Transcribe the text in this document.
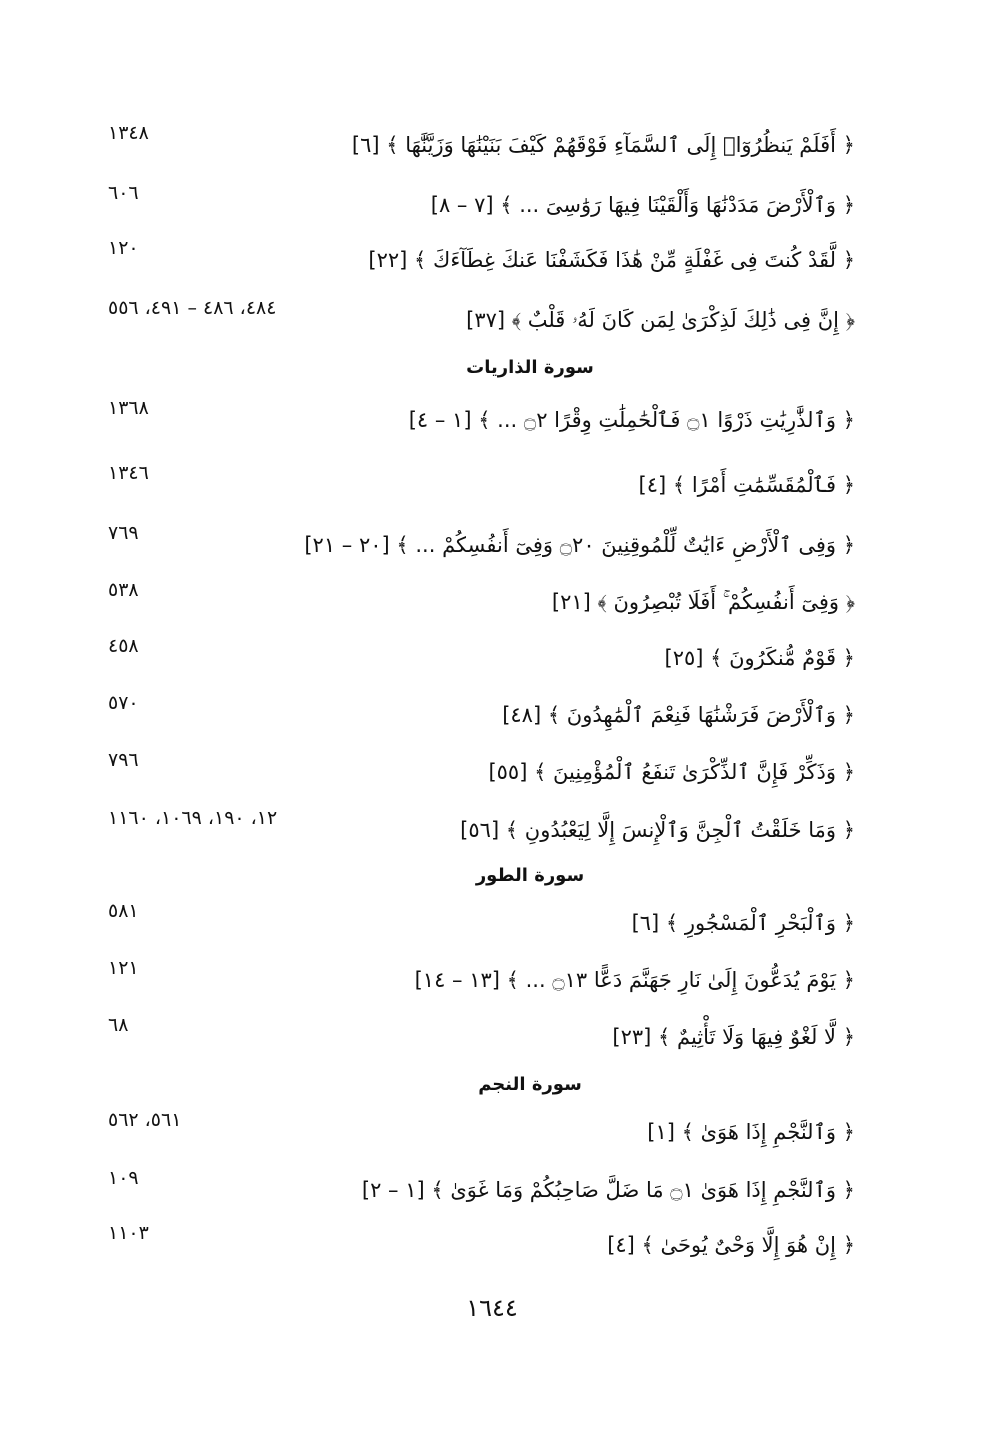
﴿ أَفَلَمْ يَنظُرُوٓا۟ إِلَى ٱلسَّمَآءِ فَوْقَهُمْ كَيْفَ بَنَيْنَٰهَا وَزَيَّنَّٰهَا ﴾ [٦]
١٣٤٨
﴿ وَٱلْأَرْضَ مَدَدْنَٰهَا وَأَلْقَيْنَا فِيهَا رَوَٰسِىَ ... ﴾ [٧ – ٨]
٦٠٦
﴿ لَّقَدْ كُنتَ فِى غَفْلَةٍ مِّنْ هَٰذَا فَكَشَفْنَا عَنكَ غِطَآءَكَ ﴾ [٢٢]
١٢٠
﴿ إِنَّ فِى ذَٰلِكَ لَذِكْرَىٰ لِمَن كَانَ لَهُۥ قَلْبٌ ﴾ [٣٧]
٤٨٤، ٤٨٦ – ٤٩١، ٥٥٦
سورة الذاريات
﴿ وَٱلذَّٰرِيَٰتِ ذَرْوًا ۝١ فَٱلْحَٰمِلَٰتِ وِقْرًا ۝٢ ... ﴾ [١ – ٤]
١٣٦٨
﴿ فَٱلْمُقَسِّمَٰتِ أَمْرًا ﴾ [٤]
١٣٤٦
﴿ وَفِى ٱلْأَرْضِ ءَايَٰتٌ لِّلْمُوقِنِينَ ۝٢٠ وَفِىٓ أَنفُسِكُمْ ... ﴾ [٢٠ – ٢١]
٧٦٩
﴿ وَفِىٓ أَنفُسِكُمْ ۚ أَفَلَا تُبْصِرُونَ ﴾ [٢١]
٥٣٨
﴿ قَوْمٌ مُّنكَرُونَ ﴾ [٢٥]
٤٥٨
﴿ وَٱلْأَرْضَ فَرَشْنَٰهَا فَنِعْمَ ٱلْمَٰهِدُونَ ﴾ [٤٨]
٥٧٠
﴿ وَذَكِّرْ فَإِنَّ ٱلذِّكْرَىٰ تَنفَعُ ٱلْمُؤْمِنِينَ ﴾ [٥٥]
٧٩٦
﴿ وَمَا خَلَقْتُ ٱلْجِنَّ وَٱلْإِنسَ إِلَّا لِيَعْبُدُونِ ﴾ [٥٦]
١٢، ١٩٠، ١٠٦٩، ١١٦٠
سورة الطور
﴿ وَٱلْبَحْرِ ٱلْمَسْجُورِ ﴾ [٦]
٥٨١
﴿ يَوْمَ يُدَعُّونَ إِلَىٰ نَارِ جَهَنَّمَ دَعًّا ۝١٣ ... ﴾ [١٣ – ١٤]
١٢١
﴿ لَّا لَغْوٌ فِيهَا وَلَا تَأْثِيمٌ ﴾ [٢٣]
٦٨
سورة النجم
﴿ وَٱلنَّجْمِ إِذَا هَوَىٰ ﴾ [١]
٥٦١، ٥٦٢
﴿ وَٱلنَّجْمِ إِذَا هَوَىٰ ۝١ مَا ضَلَّ صَاحِبُكُمْ وَمَا غَوَىٰ ﴾ [١ – ٢]
١٠٩
﴿ إِنْ هُوَ إِلَّا وَحْىٌ يُوحَىٰ ﴾ [٤]
١١٠٣
١٦٤٤
